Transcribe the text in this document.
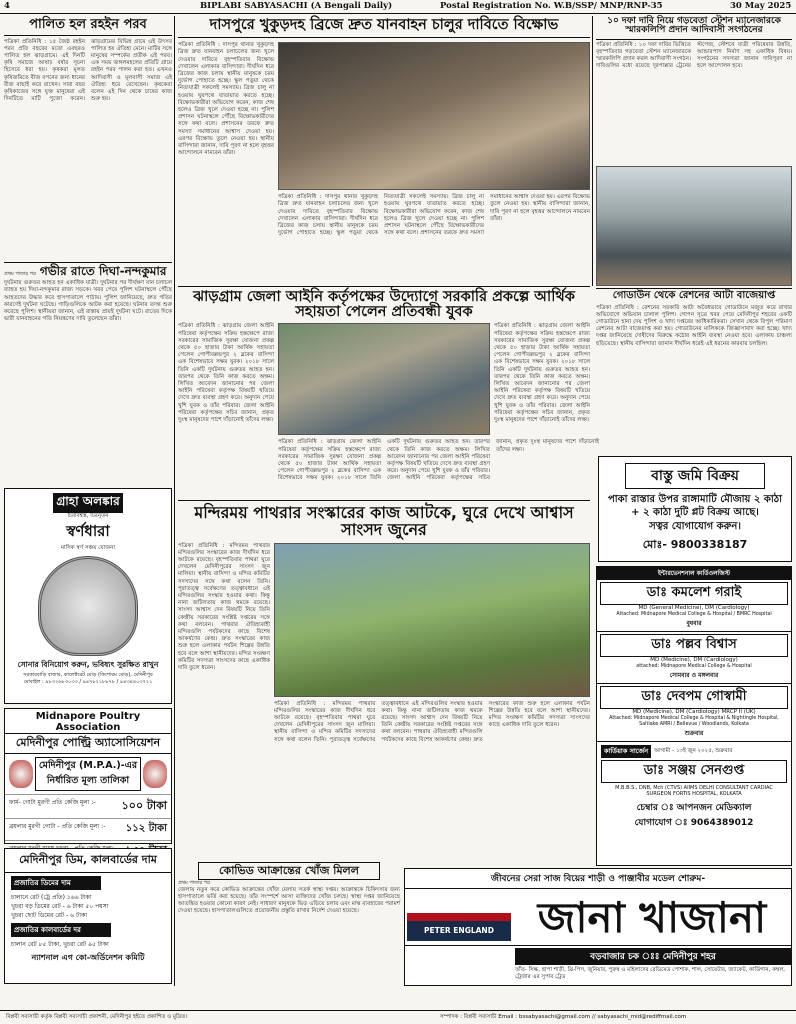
4	BIPLABI SABYASACHI (A Bengali Daily)	Postal Registration No. W.B/SSP/ MNP/RNP-35	30 May 2025
পালিত হল রহইন পরব
পত্রিকা প্রতিনিধি : ১৫ জৈষ্ঠ রহইন পরব প্রতি বছরের মতো এবছরও পালিত হল ঝাড়গ্রামে। এই দিনটি কৃষি সমাজে আষাঢ় বর্ষার সূচনা হিসেবে ধরা হয়। কৃষকরা মূলত কৃষিজমিতে বীজ বপনের জন্য ধানের বীজ বাছাই করে রাখেন। সারা বছর কৃষিকাজের সঙ্গে যুক্ত মানুষেরা এই দিনটিতে মাটি পুজো করেন। ঝাড়গ্রামের বিভিন্ন গ্রামে এই উৎসব পালিত হয় ঐতিহ্য মেনে। মাটির সঙ্গে মানুষের সম্পর্কের প্রতীক এই পরব। এক সময় জঙ্গলমহলের প্রতিটি গ্রামে রহইন পরব পালন করা হত। এখনও আদিবাসী ও মূলবাসী সমাজ এই ঐতিহ্য ধরে রেখেছেন। কৃষকেরা বলেন এই দিন থেকে চাষের কাজ শুরু হয়।
প্রথম পাতার পর গভীর রাতে দিঘা-নন্দকুমার
দুর্ঘটনায় গুরুতর আহত হন একাধিক যাত্রী। দুর্ঘটনার পর দীর্ঘক্ষণ যান চলাচল ব্যাহত হয় দিঘা-নন্দকুমার রাজ্য সড়কে। খবর পেয়ে পুলিশ ঘটনাস্থলে পৌঁছে আহতদের উদ্ধার করে হাসপাতালে পাঠায়। পুলিশ জানিয়েছে, দ্রুত গতির কারণেই দুর্ঘটনা ঘটেছে। গাড়িগুলিকে আটক করা হয়েছে। ঘটনার তদন্ত শুরু করেছে পুলিশ। স্থানীয়রা জানান, এই রাস্তায় প্রায়ই দুর্ঘটনা ঘটে। রাতের দিকে ভারী যানবাহনের গতি নিয়ন্ত্রণের দাবি তুলেছেন তাঁরা।
গ্রাহা অলঙ্কার
চিরবিশ্বস্ত, চিরনূতন
স্বর্ণধারা
মাসিক স্বর্ণ সঞ্চয় যোজনা
সোনার বিনিয়োগ করুন, ভবিষ্যৎ সুরক্ষিত রাখুন
সরকারবাড়ি বাজার, কালেক্টরেট মোড় (কিশোরম মোড়), মেদিনীপুর
মোবাইল : ৯৮৩২৬৮৩০৩৩ / ৯৪৭৮২১৮৮৭৮ / ৯৪৩৪৪০৩৭২১
Midnapore Poultry Association
মেদিনীপুর পোল্ট্রি অ্যাসোসিয়েশন
মেদিনীপুর (M.P.A.)-এর নির্ধারিত মূল্য তালিকা
ফার্ম- গোটা মুরগী প্রতি কেজি মূল্য :- ১০০ টাকা
ব্রয়লার মুরগী গোটা - প্রতি কেজি মূল্য :- ১১২ টাকা
মেদিনীপুর ডিম, কালবার্ডের দাম
প্রজাতির ডিমের দাম
চালানে রেট (ট্রে প্রতি) ১৬৬ টাকা
খুচরা বড় ডিমের রেট - ৬ টাকা ৫০ পয়সা
খুচরা ছোট ডিমের রেট - ৬ টাকা
প্রজাতির কালবার্ডের দর
চালান রেট ৮৫ টাকা, খুচরা রেট ৯৫ টাকা
ন্যাশনাল এগ কো-অর্ডিনেশন কমিটি
দাসপুরে খুকুড়দহ ব্রিজে দ্রুত যানবাহন চালুর দাবিতে বিক্ষোভ
পত্রিকা প্রতিনিধি : দাসপুর থানার খুকুড়দহ ব্রিজ দ্রুত যানবাহন চলাচলের জন্য খুলে দেওয়ার দাবিতে বৃহস্পতিবার বিক্ষোভ দেখালেন এলাকার বাসিন্দারা। দীর্ঘদিন ধরে ব্রিজের কাজ চলায় স্থানীয় মানুষকে চরম দুর্ভোগ পোহাতে হচ্ছে। স্কুল পড়ুয়া থেকে নিত্যযাত্রী সকলেই সমস্যায়। ব্রিজ চালু না হওয়ায় ঘুরপথে যাতায়াত করতে হচ্ছে। বিক্ষোভকারীরা অভিযোগ করেন, কাজ শেষ হলেও ব্রিজ খুলে দেওয়া হচ্ছে না। পুলিশ প্রশাসন ঘটনাস্থলে পৌঁছে বিক্ষোভকারীদের সঙ্গে কথা বলে। প্রশাসনের তরফে দ্রুত সমস্যা সমাধানের আশ্বাস দেওয়া হয়। এরপর বিক্ষোভ তুলে নেওয়া হয়। স্থানীয় বাসিন্দারা জানান, দাবি পূরণ না হলে বৃহত্তর আন্দোলনে নামবেন তাঁরা।
পত্রিকা প্রতিনিধি : দাসপুর থানার খুকুড়দহ ব্রিজ দ্রুত যানবাহন চলাচলের জন্য খুলে দেওয়ার দাবিতে বৃহস্পতিবার বিক্ষোভ দেখালেন এলাকার বাসিন্দারা। দীর্ঘদিন ধরে ব্রিজের কাজ চলায় স্থানীয় মানুষকে চরম দুর্ভোগ পোহাতে হচ্ছে। স্কুল পড়ুয়া থেকে নিত্যযাত্রী সকলেই সমস্যায়। ব্রিজ চালু না হওয়ায় ঘুরপথে যাতায়াত করতে হচ্ছে। বিক্ষোভকারীরা অভিযোগ করেন, কাজ শেষ হলেও ব্রিজ খুলে দেওয়া হচ্ছে না। পুলিশ প্রশাসন ঘটনাস্থলে পৌঁছে বিক্ষোভকারীদের সঙ্গে কথা বলে। প্রশাসনের তরফে দ্রুত সমস্যা সমাধানের আশ্বাস দেওয়া হয়। এরপর বিক্ষোভ তুলে নেওয়া হয়। স্থানীয় বাসিন্দারা জানান, দাবি পূরণ না হলে বৃহত্তর আন্দোলনে নামবেন তাঁরা।
১০ দফা দাবি নিয়ে গড়বেতা স্টেশন ম্যানেজারকে স্মারকলিপি প্রদান আদিবাসী সংগঠনের
পত্রিকা প্রতিনিধি : ১০ দফা দাবির ভিত্তিতে বৃহস্পতিবার গড়বেতা স্টেশন ম্যানেজারকে স্মারকলিপি প্রদান করল আদিবাসী সংগঠন। দাবিগুলির মধ্যে রয়েছে দূরপাল্লার ট্রেনের স্টপেজ, স্টেশনে যাত্রী পরিষেবার উন্নতি, আন্ডারপাস নির্মাণ সহ একাধিক বিষয়। সংগঠনের সদস্যরা জানান দাবিপূরণ না হলে আন্দোলন হবে।
ঝাড়গ্রাম জেলা আইনি কর্তৃপক্ষের উদ্যোগে সরকারি প্রকল্পে আর্থিক সহায়তা পেলেন প্রতিবন্ধী যুবক
পত্রিকা প্রতিনিধি : ঝাড়গ্রাম জেলা আইনি পরিষেবা কর্তৃপক্ষের সক্রিয় হস্তক্ষেপে রাজ্য সরকারের সামাজিক সুরক্ষা যোজনা প্রকল্প থেকে ৫০ হাজার টাকা আর্থিক সহায়তা পেলেন গোপীবল্লভপুর ২ ব্লকের বাসিন্দা এক বিশেষভাবে সক্ষম যুবক। ২০১৮ সালে তিনি একটি দুর্ঘটনায় গুরুতর আহত হন। তারপর থেকে তিনি কাজ করতে অক্ষম। লিখিত আবেদন জানানোর পর জেলা আইনি পরিষেবা কর্তৃপক্ষ বিষয়টি খতিয়ে দেখে দ্রুত ব্যবস্থা গ্রহণ করে। অনুদান পেয়ে খুশি যুবক ও তাঁর পরিবার। জেলা আইনি পরিষেবা কর্তৃপক্ষের সচিব জানান, প্রকৃত দুঃস্থ মানুষদের পাশে দাঁড়ানোই তাঁদের লক্ষ্য।
পত্রিকা প্রতিনিধি : ঝাড়গ্রাম জেলা আইনি পরিষেবা কর্তৃপক্ষের সক্রিয় হস্তক্ষেপে রাজ্য সরকারের সামাজিক সুরক্ষা যোজনা প্রকল্প থেকে ৫০ হাজার টাকা আর্থিক সহায়তা পেলেন গোপীবল্লভপুর ২ ব্লকের বাসিন্দা এক বিশেষভাবে সক্ষম যুবক। ২০১৮ সালে তিনি একটি দুর্ঘটনায় গুরুতর আহত হন। তারপর থেকে তিনি কাজ করতে অক্ষম। লিখিত আবেদন জানানোর পর জেলা আইনি পরিষেবা কর্তৃপক্ষ বিষয়টি খতিয়ে দেখে দ্রুত ব্যবস্থা গ্রহণ করে। অনুদান পেয়ে খুশি যুবক ও তাঁর পরিবার। জেলা আইনি পরিষেবা কর্তৃপক্ষের সচিব জানান, প্রকৃত দুঃস্থ মানুষদের পাশে দাঁড়ানোই তাঁদের লক্ষ্য।
পত্রিকা প্রতিনিধি : ঝাড়গ্রাম জেলা আইনি পরিষেবা কর্তৃপক্ষের সক্রিয় হস্তক্ষেপে রাজ্য সরকারের সামাজিক সুরক্ষা যোজনা প্রকল্প থেকে ৫০ হাজার টাকা আর্থিক সহায়তা পেলেন গোপীবল্লভপুর ২ ব্লকের বাসিন্দা এক বিশেষভাবে সক্ষম যুবক। ২০১৮ সালে তিনি একটি দুর্ঘটনায় গুরুতর আহত হন। তারপর থেকে তিনি কাজ করতে অক্ষম। লিখিত আবেদন জানানোর পর জেলা আইনি পরিষেবা কর্তৃপক্ষ বিষয়টি খতিয়ে দেখে দ্রুত ব্যবস্থা গ্রহণ করে। অনুদান পেয়ে খুশি যুবক ও তাঁর পরিবার। জেলা আইনি পরিষেবা কর্তৃপক্ষের সচিব জানান, প্রকৃত দুঃস্থ মানুষদের পাশে দাঁড়ানোই তাঁদের লক্ষ্য।
গোডাউন থেকে রেশনের আটা বাজেয়াপ্ত
পত্রিকা প্রতিনিধি : রেশনের সরকারি আটা অবৈধভাবে গোডাউনে মজুত করে রাখার অভিযোগে অভিযান চালাল পুলিশ। গোপন সূত্রে খবর পেয়ে মেদিনীপুর শহরের একটি গোডাউনে হানা দেয় পুলিশ ও খাদ্য দপ্তরের আধিকারিকরা। সেখান থেকে বিপুল পরিমাণ রেশনের আটা বাজেয়াপ্ত করা হয়। গোডাউনের মালিককে জিজ্ঞাসাবাদ করা হচ্ছে। খাদ্য দপ্তর জানিয়েছে দোষীদের বিরুদ্ধে কঠোর আইনি ব্যবস্থা নেওয়া হবে। এলাকায় চাঞ্চল্য ছড়িয়েছে। স্থানীয় বাসিন্দারা জানান দীর্ঘদিন ধরেই এই ধরনের কারবার চলছিল।
বাস্তু জমি বিক্রয়
পাকা রাস্তার উপর রাঙ্গামাটি মৌজায় ২ কাঠা + ২ কাঠা দুটি প্লট বিক্রয় আছে।
সত্বর যোগাযোগ করুন।
মোঃ- 9800338187
মন্দিরময় পাথরার সংস্কারের কাজ আটকে, ঘুরে দেখে আশ্বাস সাংসদ জুনের
পত্রিকা প্রতিনিধি : মন্দিরময় পাথরার মন্দিরগুলির সংস্কারের কাজ দীর্ঘদিন ধরে আটকে রয়েছে। বৃহস্পতিবার পাথরা ঘুরে দেখলেন মেদিনীপুরের সাংসদ জুন মালিয়া। স্থানীয় বাসিন্দা ও মন্দির কমিটির সদস্যদের সঙ্গে কথা বলেন তিনি। পুরাতত্ত্ব সর্বেক্ষণের তত্ত্বাবধানে এই মন্দিরগুলির সংস্কার হওয়ার কথা। কিন্তু নানা জটিলতায় কাজ থমকে রয়েছে। সাংসদ আশ্বাস দেন বিষয়টি নিয়ে তিনি কেন্দ্রীয় সরকারের সংশ্লিষ্ট দপ্তরের সঙ্গে কথা বলবেন। পাথরার ঐতিহ্যবাহী মন্দিরগুলি পর্যটকদের কাছে বিশেষ আকর্ষণের কেন্দ্র। দ্রুত সংস্কারের কাজ শুরু হলে এলাকার পর্যটন শিল্পের উন্নতি হবে বলে আশা স্থানীয়দের। মন্দির সংরক্ষণ কমিটির সদস্যরা সাংসদের কাছে একাধিক দাবি তুলে ধরেন।
পত্রিকা প্রতিনিধি : মন্দিরময় পাথরার মন্দিরগুলির সংস্কারের কাজ দীর্ঘদিন ধরে আটকে রয়েছে। বৃহস্পতিবার পাথরা ঘুরে দেখলেন মেদিনীপুরের সাংসদ জুন মালিয়া। স্থানীয় বাসিন্দা ও মন্দির কমিটির সদস্যদের সঙ্গে কথা বলেন তিনি। পুরাতত্ত্ব সর্বেক্ষণের তত্ত্বাবধানে এই মন্দিরগুলির সংস্কার হওয়ার কথা। কিন্তু নানা জটিলতায় কাজ থমকে রয়েছে। সাংসদ আশ্বাস দেন বিষয়টি নিয়ে তিনি কেন্দ্রীয় সরকারের সংশ্লিষ্ট দপ্তরের সঙ্গে কথা বলবেন। পাথরার ঐতিহ্যবাহী মন্দিরগুলি পর্যটকদের কাছে বিশেষ আকর্ষণের কেন্দ্র। দ্রুত সংস্কারের কাজ শুরু হলে এলাকার পর্যটন শিল্পের উন্নতি হবে বলে আশা স্থানীয়দের। মন্দির সংরক্ষণ কমিটির সদস্যরা সাংসদের কাছে একাধিক দাবি তুলে ধরেন।
কোভিড আক্রান্তের খোঁজ মিলল
প্রথম পাতার পর
জেলায় নতুন করে কোভিড আক্রান্তের খোঁজ মেলায় সতর্ক স্বাস্থ্য দপ্তর। আক্রান্তকে চিকিৎসার জন্য হাসপাতালে ভর্তি করা হয়েছে। তাঁর সংস্পর্শে আসা ব্যক্তিদের খোঁজ চলছে। স্বাস্থ্য দপ্তর জানিয়েছে আতঙ্কিত হওয়ার কোনো কারণ নেই। সাধারণ মানুষকে ভিড় এড়িয়ে চলার এবং মাস্ক ব্যবহারের পরামর্শ দেওয়া হয়েছে। হাসপাতালগুলিতে প্রয়োজনীয় প্রস্তুতি রাখার নির্দেশ দেওয়া হয়েছে।
ইন্টারভেনশনাল কার্ডিওলজিস্ট
ডাঃ কমলেশ গরাই
MD (General Medicine), DM (Cardiology)
Attached: Midnapore Medical College & Hospital / BMRC Hospital
বুধবার
ডাঃ পল্লব বিশ্বাস
MD (Medicine), DM (Cardiology)
attached: Midnapore Medical College & Hospital
সোমবার ও মঙ্গলবার
ডাঃ দেবপম গোস্বামী
MD (Medicine), DM (Cardiology) MRCP II (UK)
Attached: Midnapore Medical College & Hospital & Nightingle Hospital, Saltlake AMRI / Bellevue / Woodlands, Kolkata
শুক্রবার
কার্ডিয়াক সার্জেন	আগামী - ১৩ই জুন ২০২৫, শুক্রবার
ডাঃ সঞ্জয় সেনগুপ্ত
M.B.B.S., DNB, Mch (CTVS) AIIMS DELHI CONSULTANT CARDIAC SURGEON FORTIS HOSPITAL, KOLKATA
চেম্বার ঃ আপনজন মেডিক্যাল
যোগাযোগ ঃ 9064389012
জীবনের সেরা সাজ বিয়ের শাড়ী ও পাঞ্জাবীর মডেল শোরুম-
PETER ENGLAND	জানা খাজানা
বড়বাজার চক ঃঃ মেদিনীপুর শহর
তাঁত- সিল্ক, ছাপা শাড়ী, থ্রি-পিস, জুনিয়ার, পুরুষ ও মহিলাদের রেডিমেড পোশাক, শাল, সোয়েটার, জ্যাকেট, কার্ডিগান, কম্বল, ট্রেজার এর সুপার ট্রেড
বিপ্লবী সব্যসাচী কর্তৃক বিপ্লবী সব্যসাচী প্রকাশনী, মেদিনীপুর হইতে প্রকাশিত ও মুদ্রিত।	সম্পাদক : বিপ্লবী সব্যসাচী Email : bssabyasachi@gmail.com // sabyasachi_mid@rediffmail.com
